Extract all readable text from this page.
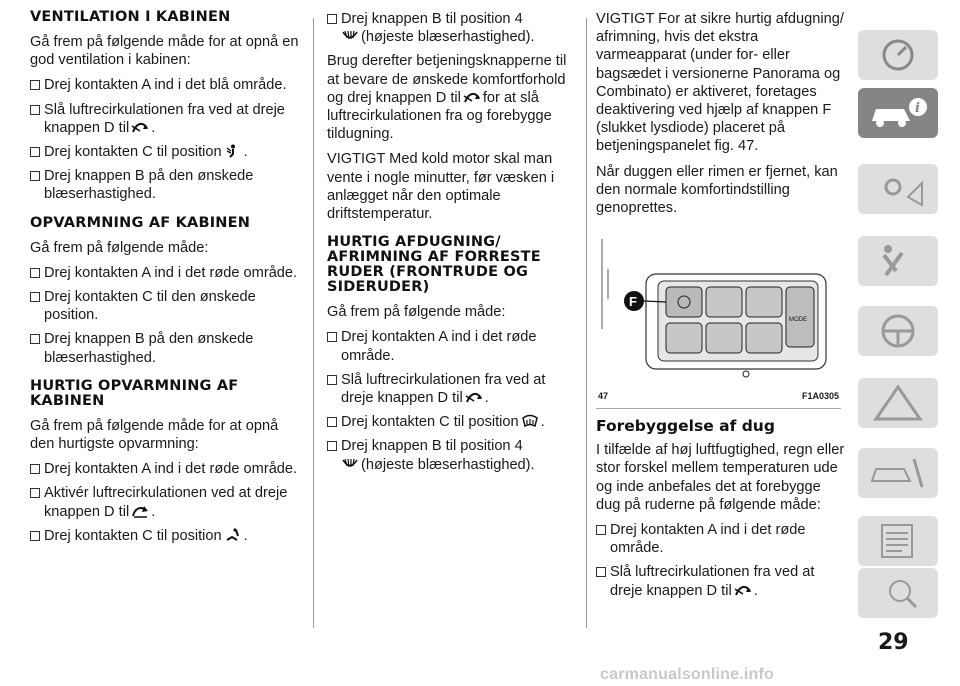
VENTILATION I KABINEN

Gå frem på følgende måde for at opnå en god ventilation i kabinen:

Drej kontakten A ind i det blå område.
Slå luftrecirkulationen fra ved at dreje knappen D til .
Drej kontakten C til position .
Drej knappen B på den ønskede blæserhastighed.
OPVARMNING AF KABINEN

Gå frem på følgende måde:

Drej kontakten A ind i det røde område.
Drej kontakten C til den ønskede position.
Drej knappen B på den ønskede blæserhastighed.
HURTIG OPVARMNING AF KABINEN

Gå frem på følgende måde for at opnå den hurtigste opvarmning:

Drej kontakten A ind i det røde område.
Aktivér luftrecirkulationen ved at dreje knappen D til .
Drej kontakten C til position .
Drej knappen B til position 4
(højeste blæserhastighed).

Brug derefter betjeningsknapperne til at bevare de ønskede komfortforhold og drej knappen D til for at slå luftrecirkulationen fra og forebygge tildugning.

VIGTIGT Med kold motor skal man vente i nogle minutter, før væsken i anlægget når den optimale driftstemperatur.

HURTIG AFDUGNING/ AFRIMNING AF FORRESTE RUDER (FRONTRUDE OG SIDERUDER)

Gå frem på følgende måde:

Drej kontakten A ind i det røde område.
Slå luftrecirkulationen fra ved at dreje knappen D til .
Drej kontakten C til position .
Drej knappen B til position 4
(højeste blæserhastighed).

VIGTIGT For at sikre hurtig afdugning/ afrimning, hvis det ekstra varmeapparat (under for- eller bagsædet i versionerne Panorama og Combinato) er aktiveret, foretages deaktivering ved hjælp af knappen F (slukket lysdiode) placeret på betjeningspanelet fig. 47.

Når duggen eller rimen er fjernet, kan den normale komfortindstilling genoprettes.

F
MODE
47	F1A0305
Forebyggelse af dug

I tilfælde af høj luftfugtighed, regn eller stor forskel mellem temperaturen ude og inde anbefales det at forebygge dug på ruderne på følgende måde:

Drej kontakten A ind i det røde område.
Slå luftrecirkulationen fra ved at dreje knappen D til .
i
29
carmanualsonline.info
